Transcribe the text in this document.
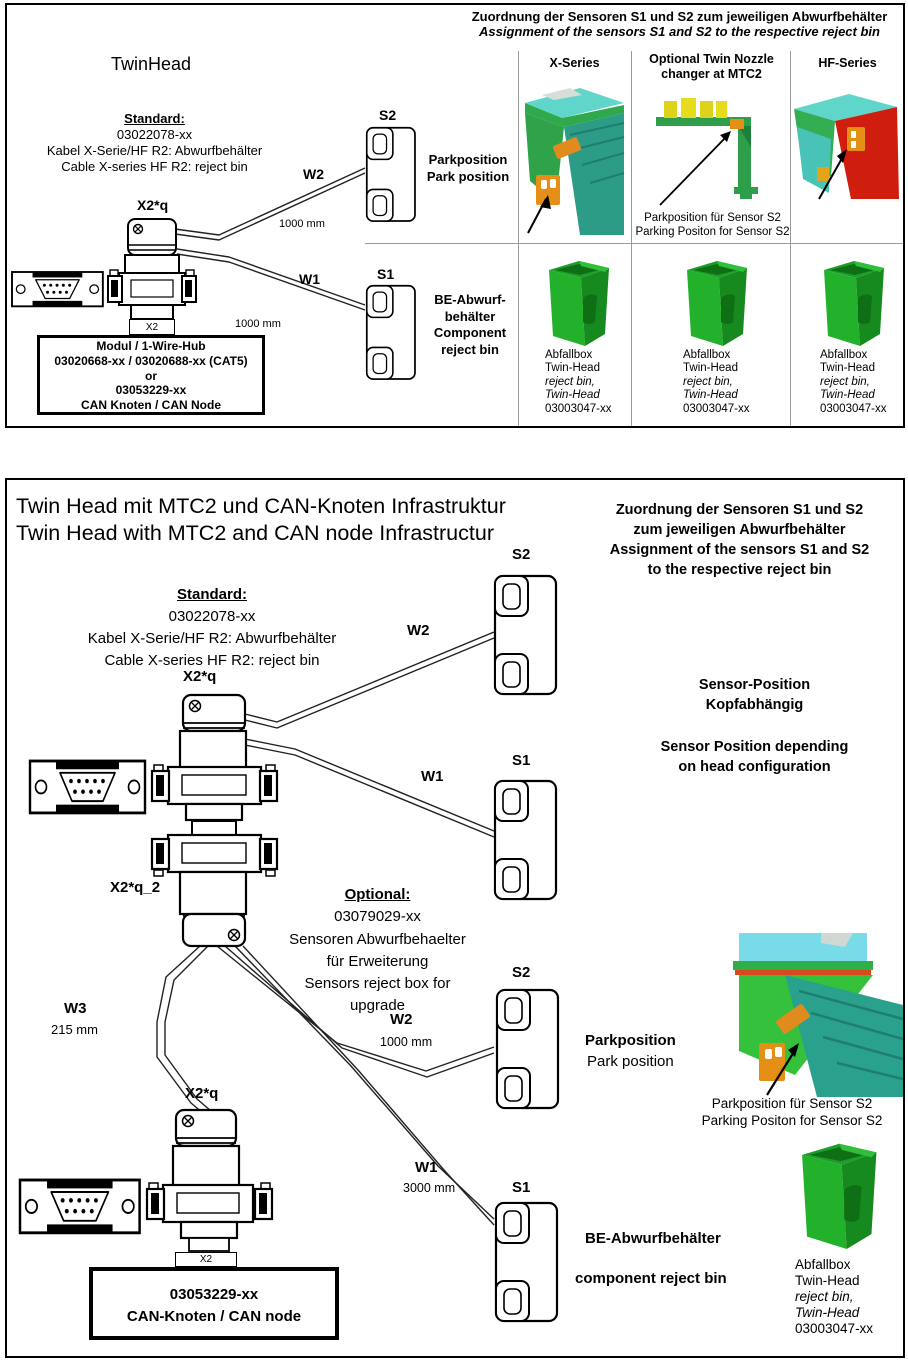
Zuordnung der Sensoren S1 und S2 zum jeweiligen Abwurfbehälter
Assignment of the sensors S1 and S2 to the respective reject bin
TwinHead
Standard:
03022078-xx
Kabel X-Serie/HF R2: Abwurfbehälter
Cable X-series HF R2: reject bin
X2*q
W2
1000 mm
W1
1000 mm
S2
S1
Parkposition
Park position
BE-Abwurf-
behälter
Component
reject bin
X2
Modul / 1-Wire-Hub
03020668-xx / 03020688-xx (CAT5)
or
03053229-xx
CAN Knoten / CAN Node
X-Series	Optional Twin Nozzle
changer at MTC2
HF-Series
Parkposition für Sensor S2
Parking Positon for Sensor S2
Abfallbox
Twin-Head
reject bin,
Twin-Head
03003047-xx
Abfallbox
Twin-Head
reject bin,
Twin-Head
03003047-xx
Abfallbox
Twin-Head
reject bin,
Twin-Head
03003047-xx
Twin Head mit MTC2 und CAN-Knoten Infrastruktur
Twin Head with MTC2 and CAN node Infrastructur
Zuordnung der Sensoren S1 und S2
zum jeweiligen Abwurfbehälter
Assignment of the sensors S1 and S2
to the respective reject bin
Standard:
03022078-xx
Kabel X-Serie/HF R2: Abwurfbehälter
Cable X-series HF R2: reject bin
X2*q
X2*q_2
X2*q
W2
W1
W3
215 mm
W2
1000 mm
W1
3000 mm
S2
S1
S2
S1
Sensor-Position
Kopfabhängig
Sensor Position depending
on head configuration
Optional:
03079029-xx
Sensoren Abwurfbehaelter
für Erweiterung
Sensors reject box for
upgrade
Parkposition
Park position
Parkposition für Sensor S2
Parking Positon for Sensor S2
BE-Abwurfbehälter
component reject bin
X2
03053229-xx
CAN-Knoten / CAN node
Abfallbox
Twin-Head
reject bin,
Twin-Head
03003047-xx
